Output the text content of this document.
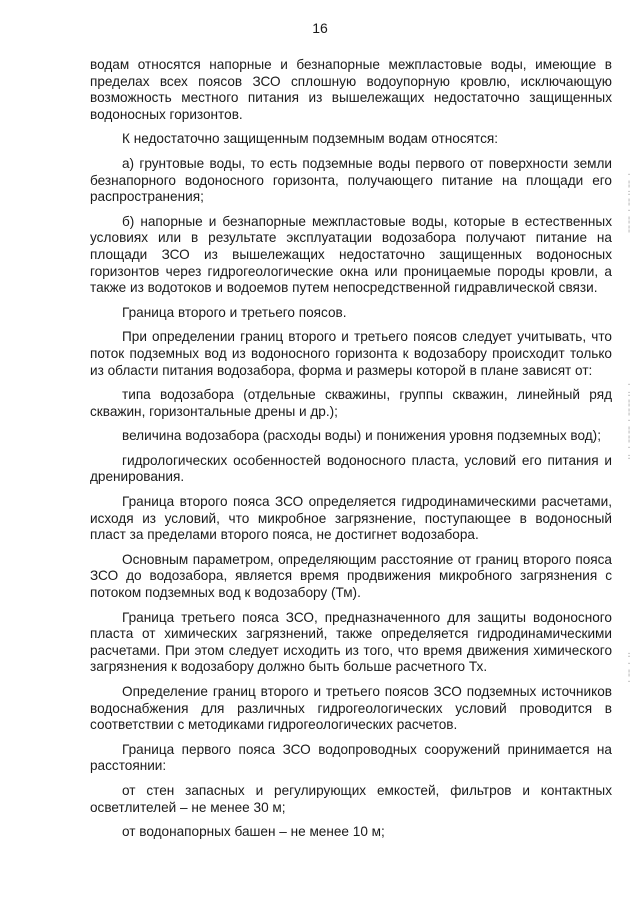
16

водам относятся напорные и безнапорные межпластовые воды, имеющие в пределах всех поясов ЗСО сплошную водоупорную кровлю, исключающую возможность местного питания из вышележащих недостаточно защищенных водоносных горизонтов.

К недостаточно защищенным подземным водам относятся:

а) грунтовые воды, то есть подземные воды первого от поверхности земли безнапорного водоносного горизонта, получающего питание на площади его распространения;

б) напорные и безнапорные межпластовые воды, которые в естественных условиях или в результате эксплуатации водозабора получают питание на площади ЗСО из вышележащих недостаточно защищенных водоносных горизонтов через гидрогеологические окна или проницаемые породы кровли, а также из водотоков и водоемов путем непосредственной гидравлической связи.

Граница второго и третьего поясов.

При определении границ второго и третьего поясов следует учитывать, что поток подземных вод из водоносного горизонта к водозабору происходит только из области питания водозабора, форма и размеры которой в плане зависят от:

типа водозабора (отдельные скважины, группы скважин, линейный ряд скважин, горизонтальные дрены и др.);

величина водозабора (расходы воды) и понижения уровня подземных вод);

гидрологических особенностей водоносного пласта, условий его питания и дренирования.

Граница второго пояса ЗСО определяется гидродинамическими расчетами, исходя из условий, что микробное загрязнение, поступающее в водоносный пласт за пределами второго пояса, не достигнет водозабора.

Основным параметром, определяющим расстояние от границ второго пояса ЗСО до водозабора, является время продвижения микробного загрязнения с потоком подземных вод к водозабору (Тм).

Граница третьего пояса ЗСО, предназначенного для защиты водоносного пласта от химических загрязнений, также определяется гидродинамическими расчетами. При этом следует исходить из того, что время движения химического загрязнения к водозабору должно быть больше расчетного Тх.

Определение границ второго и третьего поясов ЗСО подземных источников водоснабжения для различных гидрогеологических условий проводится в соответствии с методиками гидрогеологических расчетов.

Граница первого пояса ЗСО водопроводных сооружений принимается на расстоянии:

от стен запасных и регулирующих емкостей, фильтров и контактных осветлителей – не менее 30 м;

от водонапорных башен – не менее 10 м;

·
¦
:
¦
·
¦
¦
·
:
¦
¦
·
¦
¦
·
:
:
·
¦
·
